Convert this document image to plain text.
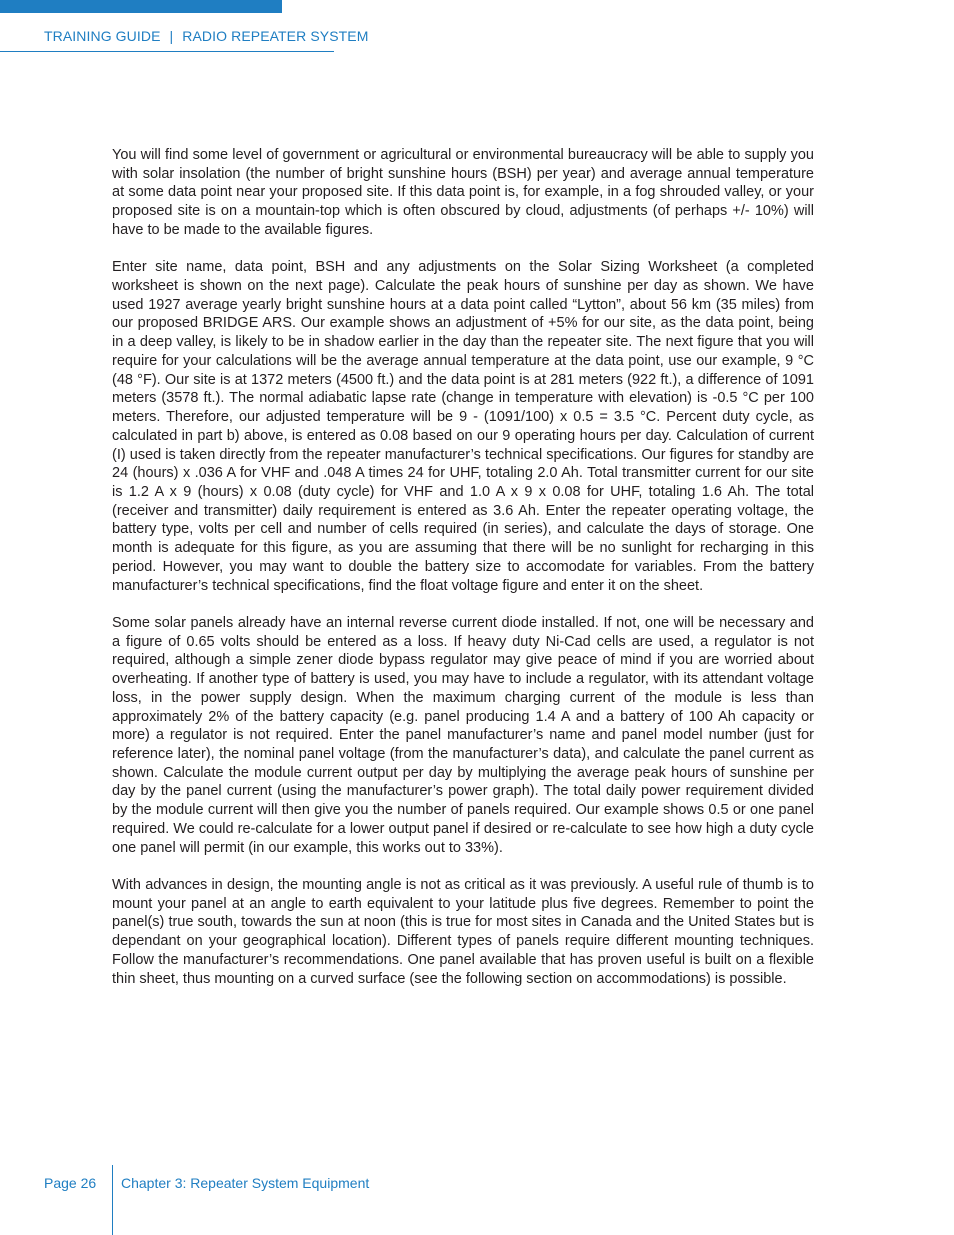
TRAINING GUIDE | RADIO REPEATER SYSTEM

You will find some level of government or agricultural or environmental bureaucracy will be able to supply you with solar insolation (the number of bright sunshine hours (BSH) per year) and average annual temperature at some data point near your proposed site. If this data point is, for example, in a fog shrouded valley, or your proposed site is on a mountain-top which is often obscured by cloud, adjustments (of perhaps +/- 10%) will have to be made to the available figures.

Enter site name, data point, BSH and any adjustments on the Solar Sizing Worksheet (a completed worksheet is shown on the next page). Calculate the peak hours of sunshine per day as shown. We have used 1927 average yearly bright sunshine hours at a data point called “Lytton”, about 56 km (35 miles) from our proposed BRIDGE ARS. Our example shows an adjustment of +5% for our site, as the data point, being in a deep valley, is likely to be in shadow earlier in the day than the repeater site. The next figure that you will require for your calculations will be the average annual temperature at the data point, use our example, 9 °C (48 °F). Our site is at 1372 meters (4500 ft.) and the data point is at 281 meters (922 ft.), a difference of 1091 meters (3578 ft.). The normal adiabatic lapse rate (change in temperature with elevation) is -0.5 °C per 100 meters. Therefore, our adjusted temperature will be 9 - (1091/100) x 0.5 = 3.5 °C. Percent duty cycle, as calculated in part b) above, is entered as 0.08 based on our 9 operating hours per day. Calculation of current (I) used is taken directly from the repeater manufacturer’s technical specifications. Our figures for standby are 24 (hours) x .036 A for VHF and .048 A times 24 for UHF, totaling 2.0 Ah. Total transmitter current for our site is 1.2 A x 9 (hours) x 0.08 (duty cycle) for VHF and 1.0 A x 9 x 0.08 for UHF, totaling 1.6 Ah. The total (receiver and transmitter) daily requirement is entered as 3.6 Ah. Enter the repeater operating voltage, the battery type, volts per cell and number of cells required (in series), and calculate the days of storage. One month is adequate for this figure, as you are assuming that there will be no sunlight for recharging in this period. However, you may want to double the battery size to accomodate for variables. From the battery manufacturer’s technical specifications, find the float voltage figure and enter it on the sheet.

Some solar panels already have an internal reverse current diode installed. If not, one will be necessary and a figure of 0.65 volts should be entered as a loss. If heavy duty Ni-Cad cells are used, a regulator is not required, although a simple zener diode bypass regulator may give peace of mind if you are worried about overheating. If another type of battery is used, you may have to include a regulator, with its attendant voltage loss, in the power supply design. When the maximum charging current of the module is less than approximately 2% of the battery capacity (e.g. panel producing 1.4 A and a battery of 100 Ah capacity or more) a regulator is not required. Enter the panel manufacturer’s name and panel model number (just for reference later), the nominal panel voltage (from the manufacturer’s data), and calculate the panel current as shown. Calculate the module current output per day by multiplying the average peak hours of sunshine per day by the panel current (using the manufacturer’s power graph). The total daily power requirement divided by the module current will then give you the number of panels required. Our example shows 0.5 or one panel required. We could re-calculate for a lower output panel if desired or re-calculate to see how high a duty cycle one panel will permit (in our example, this works out to 33%).

With advances in design, the mounting angle is not as critical as it was previously. A useful rule of thumb is to mount your panel at an angle to earth equivalent to your latitude plus five degrees. Remember to point the panel(s) true south, towards the sun at noon (this is true for most sites in Canada and the United States but is dependant on your geographical location). Different types of panels require different mounting techniques. Follow the manufacturer’s recommendations. One panel available that has proven useful is built on a flexible thin sheet, thus mounting on a curved surface (see the following section on accommodations) is possible.

Page 26 Chapter 3: Repeater System Equipment
